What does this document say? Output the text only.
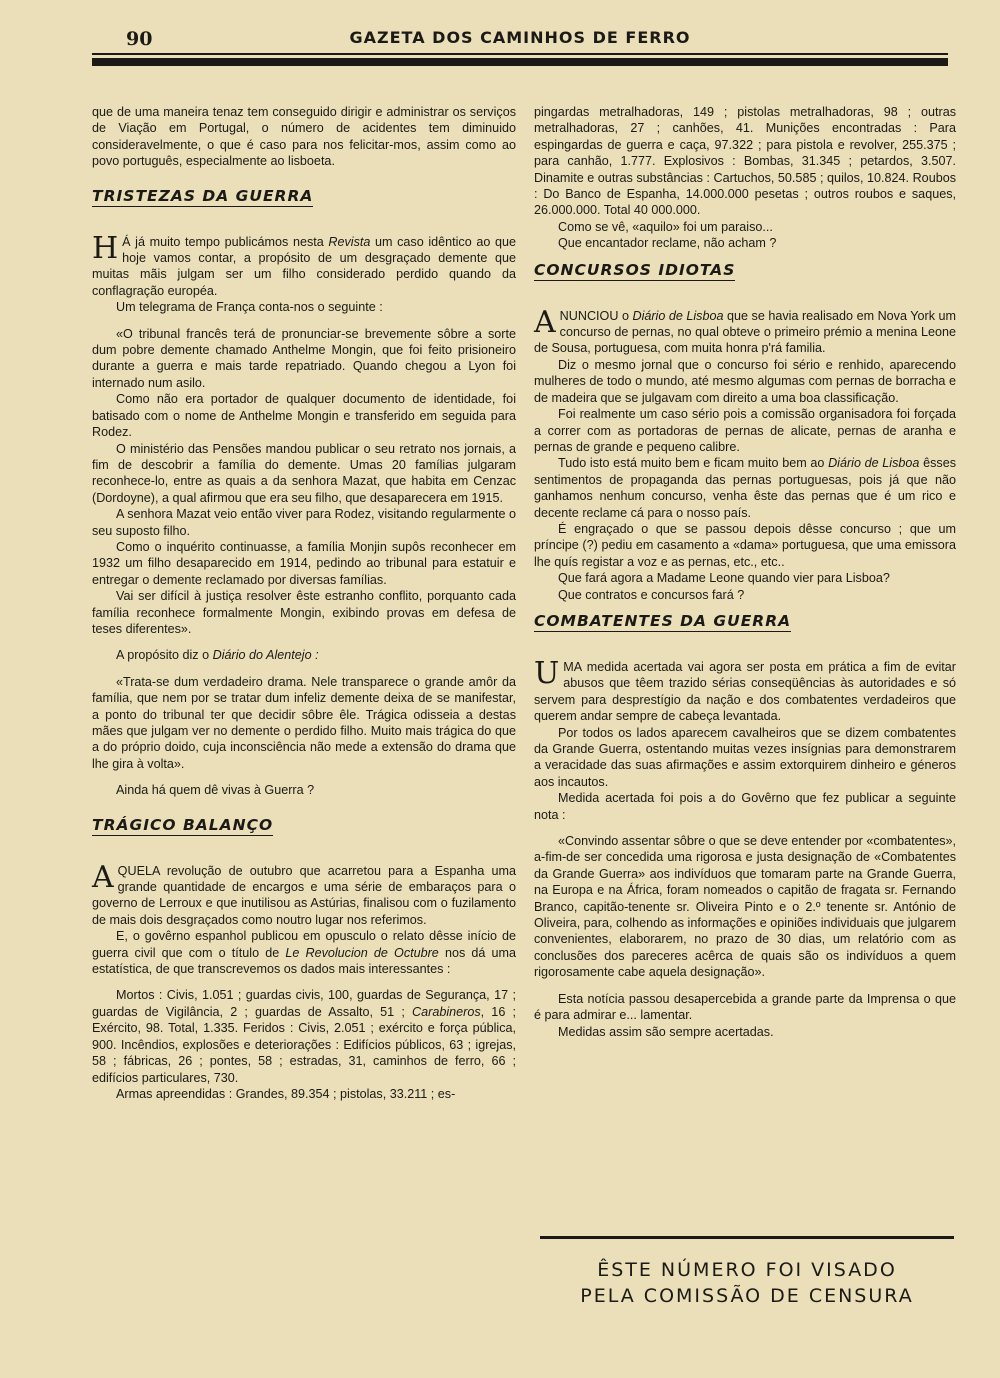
90	GAZETA DOS CAMINHOS DE FERRO

que de uma maneira tenaz tem conseguido dirigir e administrar os serviços de Viação em Portugal, o número de acidentes tem diminuido consideravelmente, o que é caso para nos felicitar-mos, assim como ao povo português, especialmente ao lisboeta.

TRISTEZAS DA GUERRA

H Á já muito tempo publicámos nesta Revista um caso idêntico ao que hoje vamos contar, a propósito de um desgraçado demente que muitas mãis julgam ser um filho considerado perdido quando da conflagração européa.

Um telegrama de França conta-nos o seguinte :

«O tribunal francês terá de pronunciar-se brevemente sôbre a sorte dum pobre demente chamado Anthelme Mongin, que foi feito prisioneiro durante a guerra e mais tarde repatriado. Quando chegou a Lyon foi internado num asilo.

Como não era portador de qualquer documento de identidade, foi batisado com o nome de Anthelme Mongin e transferido em seguida para Rodez.

O ministério das Pensões mandou publicar o seu retrato nos jornais, a fim de descobrir a família do demente. Umas 20 famílias julgaram reconhece-lo, entre as quais a da senhora Mazat, que habita em Cenzac (Dordoyne), a qual afirmou que era seu filho, que desaparecera em 1915.

A senhora Mazat veio então viver para Rodez, visitando regularmente o seu suposto filho.

Como o inquérito continuasse, a família Monjin supôs reconhecer em 1932 um filho desaparecido em 1914, pedindo ao tribunal para estatuir e entregar o demente reclamado por diversas famílias.

Vai ser difícil à justiça resolver êste estranho conflito, porquanto cada família reconhece formalmente Mongin, exibindo provas em defesa de teses diferentes».

A propósito diz o Diário do Alentejo :

«Trata-se dum verdadeiro drama. Nele transparece o grande amôr da família, que nem por se tratar dum infeliz demente deixa de se manifestar, a ponto do tribunal ter que decidir sôbre êle. Trágica odisseia a destas mães que julgam ver no demente o perdido filho. Muito mais trágica do que a do próprio doido, cuja inconsciência não mede a extensão do drama que lhe gira à volta».

Ainda há quem dê vivas à Guerra ?

TRÁGICO BALANÇO

AQUELA revolução de outubro que acarretou para a Espanha uma grande quantidade de encargos e uma série de embaraços para o governo de Lerroux e que inutilisou as Astúrias, finalisou com o fuzilamento de mais dois desgraçados como noutro lugar nos referimos.

E, o govêrno espanhol publicou em opusculo o relato dêsse início de guerra civil que com o título de Le Revolucion de Octubre nos dá uma estatística, de que transcrevemos os dados mais interessantes :

Mortos : Civis, 1.051 ; guardas civis, 100, guardas de Segurança, 17 ; guardas de Vigilância, 2 ; guardas de Assalto, 51 ; Carabineros, 16 ; Exército, 98. Total, 1.335. Feridos : Civis, 2.051 ; exército e força pública, 900. Incêndios, explosões e deteriorações : Edifícios públicos, 63 ; igrejas, 58 ; fábricas, 26 ; pontes, 58 ; estradas, 31, caminhos de ferro, 66 ; edifícios particulares, 730.

Armas apreendidas : Grandes, 89.354 ; pistolas, 33.211 ; es-

pingardas metralhadoras, 149 ; pistolas metralhadoras, 98 ; outras metralhadoras, 27 ; canhões, 41. Munições encontradas : Para espingardas de guerra e caça, 97.322 ; para pistola e revolver, 255.375 ; para canhão, 1.777. Explosivos : Bombas, 31.345 ; petardos, 3.507. Dinamite e outras substâncias : Cartuchos, 50.585 ; quilos, 10.824. Roubos : Do Banco de Espanha, 14.000.000 pesetas ; outros roubos e saques, 26.000.000. Total 40 000.000.

Como se vê, «aquilo» foi um paraiso...

Que encantador reclame, não acham ?

CONCURSOS IDIOTAS

ANUNCIOU o Diário de Lisboa que se havia realisado em Nova York um concurso de pernas, no qual obteve o primeiro prémio a menina Leone de Sousa, portuguesa, com muita honra p'rá familia.

Diz o mesmo jornal que o concurso foi sério e renhido, aparecendo mulheres de todo o mundo, até mesmo algumas com pernas de borracha e de madeira que se julgavam com direito a uma boa classificação.

Foi realmente um caso sério pois a comissão organisadora foi forçada a correr com as portadoras de pernas de alicate, pernas de aranha e pernas de grande e pequeno calibre.

Tudo isto está muito bem e ficam muito bem ao Diário de Lisboa êsses sentimentos de propaganda das pernas portuguesas, pois já que não ganhamos nenhum concurso, venha êste das pernas que é um rico e decente reclame cá para o nosso país.

É engraçado o que se passou depois dêsse concurso ; que um príncipe (?) pediu em casamento a «dama» portuguesa, que uma emissora lhe quís registar a voz e as pernas, etc., etc..

Que fará agora a Madame Leone quando vier para Lisboa?

Que contratos e concursos fará ?

COMBATENTES DA GUERRA

UMA medida acertada vai agora ser posta em prática a fim de evitar abusos que têem trazido sérias conseqüências às autoridades e só servem para desprestígio da nação e dos combatentes verdadeiros que querem andar sempre de cabeça levantada.

Por todos os lados aparecem cavalheiros que se dizem combatentes da Grande Guerra, ostentando muitas vezes insígnias para demonstrarem a veracidade das suas afirmações e assim extorquirem dinheiro e géneros aos incautos.

Medida acertada foi pois a do Govêrno que fez publicar a seguinte nota :

«Convindo assentar sôbre o que se deve entender por «combatentes», a-fim-de ser concedida uma rigorosa e justa designação de «Combatentes da Grande Guerra» aos indivíduos que tomaram parte na Grande Guerra, na Europa e na África, foram nomeados o capitão de fragata sr. Fernando Branco, capitão-tenente sr. Oliveira Pinto e o 2.º tenente sr. António de Oliveira, para, colhendo as informações e opiniões individuais que julgarem convenientes, elaborarem, no prazo de 30 dias, um relatório com as conclusões dos pareceres acêrca de quais são os indivíduos a quem rigorosamente cabe aquela designação».

Esta notícia passou desapercebida a grande parte da Imprensa o que é para admirar e... lamentar.

Medidas assim são sempre acertadas.

ÊSTE NÚMERO FOI VISADO
PELA COMISSÃO DE CENSURA
